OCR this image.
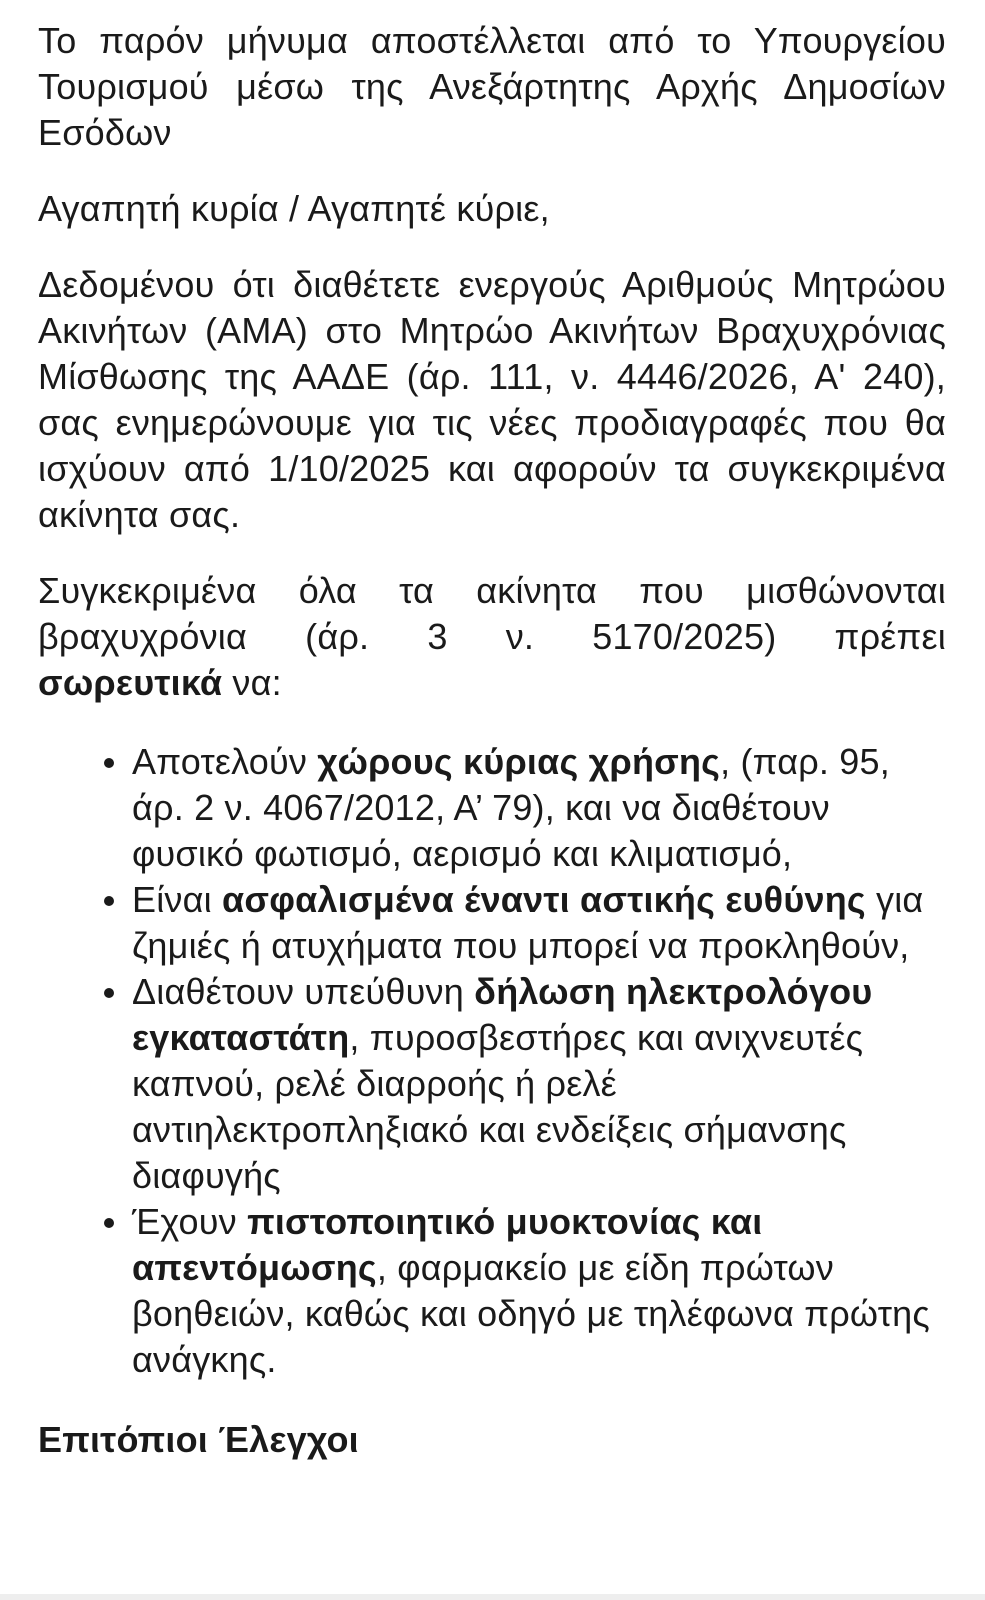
Το παρόν μήνυμα αποστέλλεται από το Υπουργείου Τουρισμού μέσω της Ανεξάρτητης Αρχής Δημοσίων Εσόδων

Αγαπητή κυρία / Αγαπητέ κύριε,

Δεδομένου ότι διαθέτετε ενεργούς Αριθμούς Μητρώου Ακινήτων (ΑΜΑ) στο Μητρώο Ακινήτων Βραχυχρόνιας Μίσθωσης της ΑΑΔΕ (άρ. 111, ν. 4446/2026, Α' 240), σας ενημερώνουμε για τις νέες προδιαγραφές που θα ισχύουν από 1/10/2025 και αφορούν τα συγκεκριμένα ακίνητα σας.

Συγκεκριμένα όλα τα ακίνητα που μισθώνονται βραχυχρόνια (άρ. 3 ν. 5170/2025) πρέπει

σωρευτικά να:

Αποτελούν χώρους κύριας χρήσης, (παρ. 95, άρ. 2 ν. 4067/2012, Α’ 79), και να διαθέτουν φυσικό φωτισμό, αερισμό και κλιματισμό,
Είναι ασφαλισμένα έναντι αστικής ευθύνης για ζημιές ή ατυχήματα που μπορεί να προκληθούν,
Διαθέτουν υπεύθυνη δήλωση ηλεκτρολόγου εγκαταστάτη, πυροσβεστήρες και ανιχνευτές καπνού, ρελέ διαρροής ή ρελέ αντιηλεκτροπληξιακό και ενδείξεις σήμανσης διαφυγής
Έχουν πιστοποιητικό μυοκτονίας και απεντόμωσης, φαρμακείο με είδη πρώτων βοηθειών, καθώς και οδηγό με τηλέφωνα πρώτης ανάγκης.

Επιτόπιοι Έλεγχοι
